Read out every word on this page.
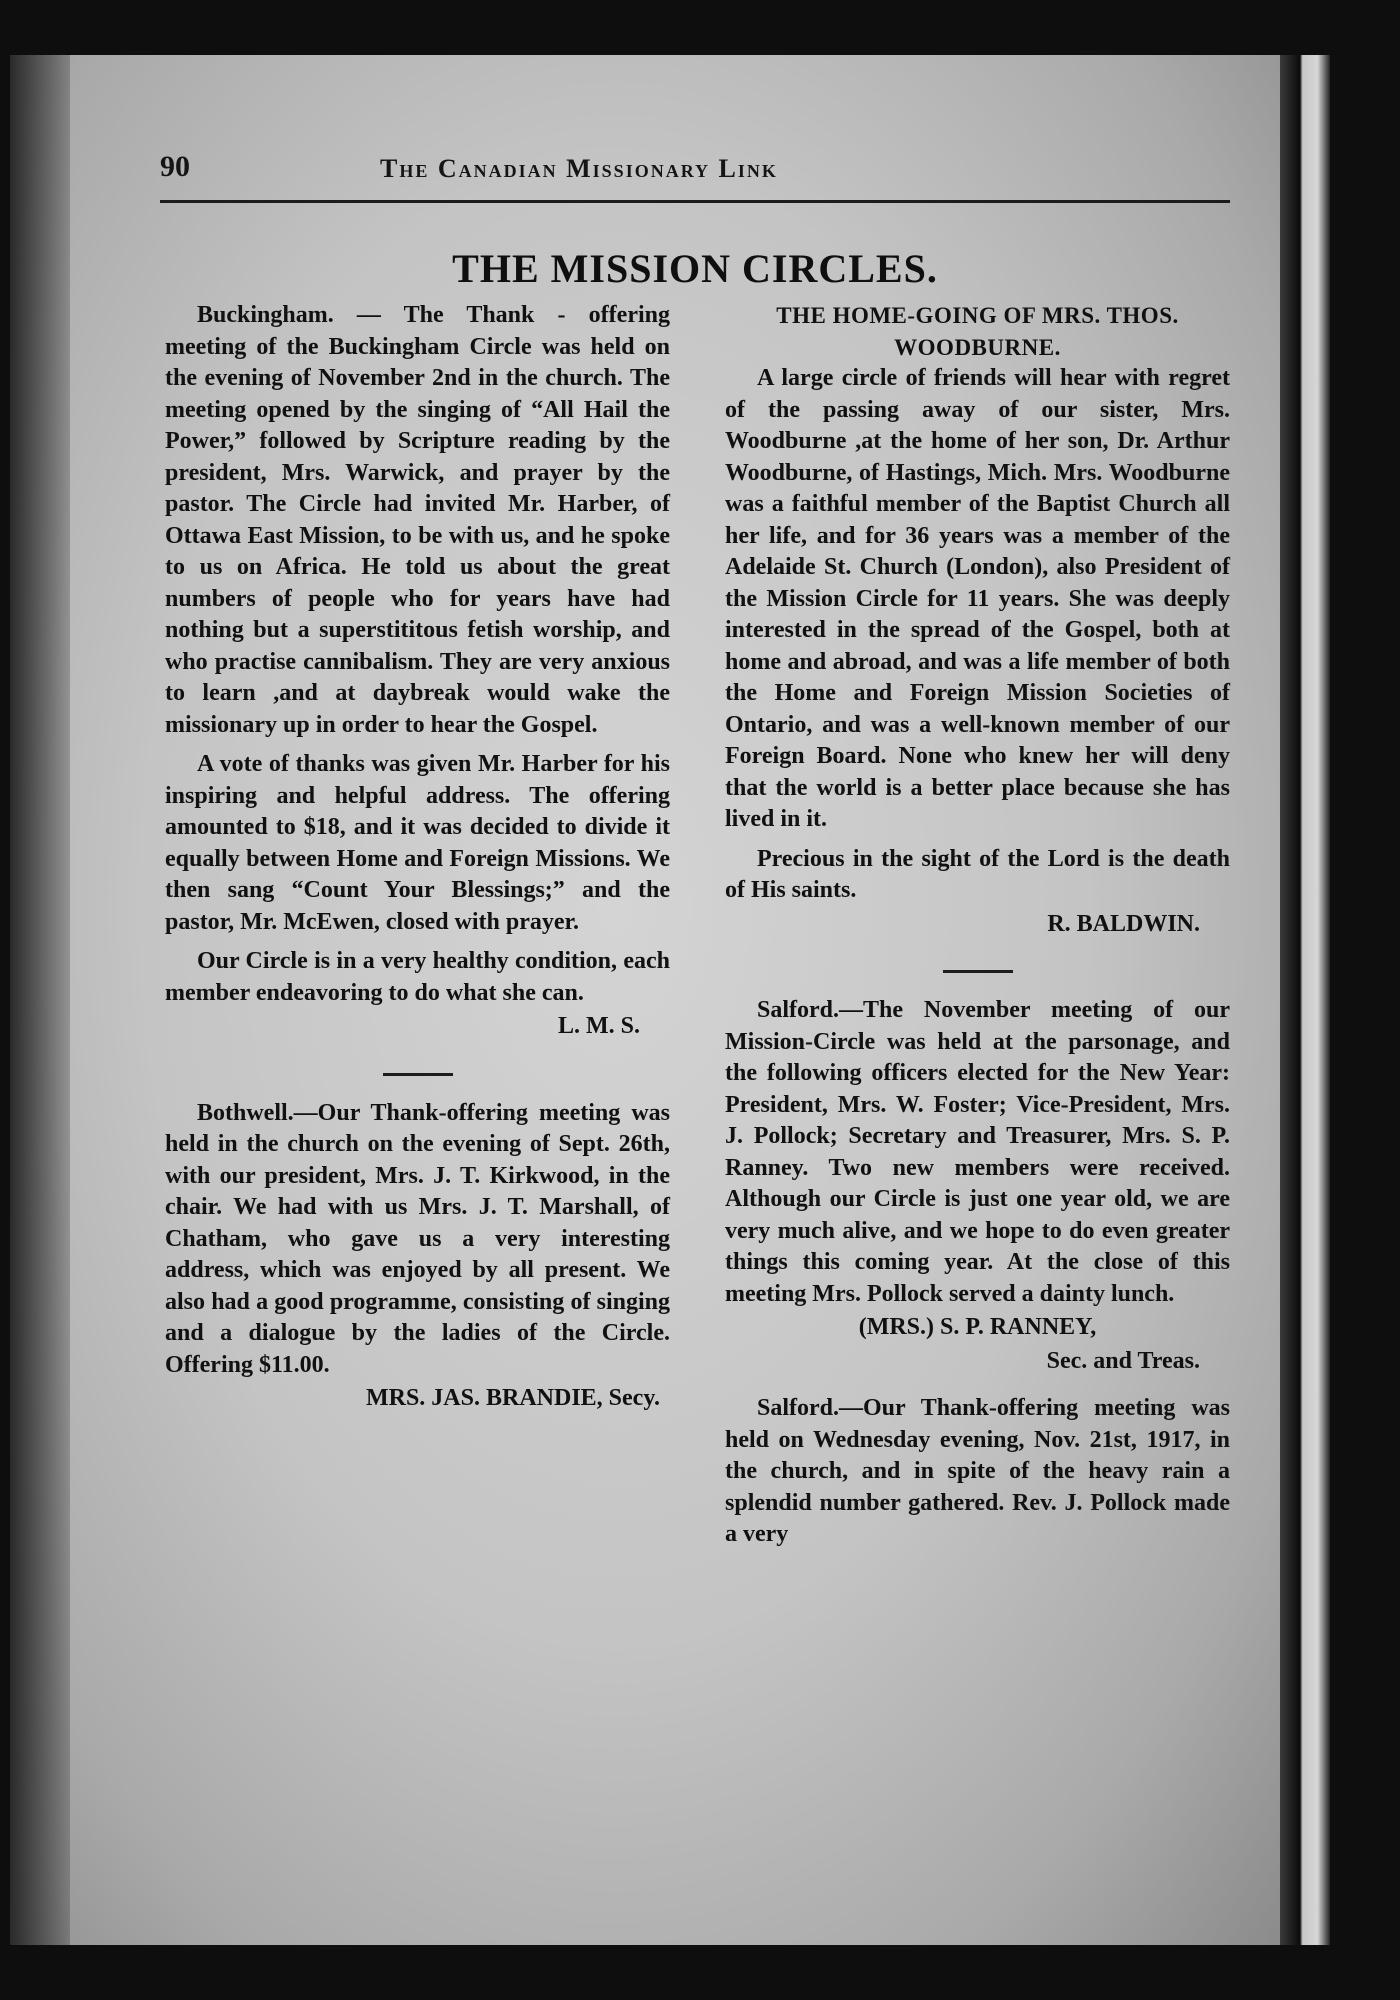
90	The Canadian Missionary Link
THE MISSION CIRCLES.

Buckingham. — The Thank - offering meeting of the Buckingham Circle was held on the evening of November 2nd in the church. The meeting opened by the singing of “All Hail the Power,” followed by Scripture reading by the president, Mrs. Warwick, and prayer by the pastor. The Circle had invited Mr. Harber, of Ottawa East Mission, to be with us, and he spoke to us on Africa. He told us about the great numbers of people who for years have had nothing but a superstititous fetish worship, and who practise cannibalism. They are very anxious to learn ,and at daybreak would wake the missionary up in order to hear the Gospel.

A vote of thanks was given Mr. Harber for his inspiring and helpful address. The offering amounted to $18, and it was decided to divide it equally between Home and Foreign Missions. We then sang “Count Your Blessings;” and the pastor, Mr. McEwen, closed with prayer.

Our Circle is in a very healthy condition, each member endeavoring to do what she can.

L. M. S.

Bothwell.—Our Thank-offering meeting was held in the church on the evening of Sept. 26th, with our president, Mrs. J. T. Kirkwood, in the chair. We had with us Mrs. J. T. Marshall, of Chatham, who gave us a very interesting address, which was enjoyed by all present. We also had a good programme, consisting of singing and a dialogue by the ladies of the Circle. Offering $11.00.

MRS. JAS. BRANDIE, Secy.

THE HOME-GOING OF MRS. THOS. WOODBURNE.

A large circle of friends will hear with regret of the passing away of our sister, Mrs. Woodburne ,at the home of her son, Dr. Arthur Woodburne, of Hastings, Mich. Mrs. Woodburne was a faithful member of the Baptist Church all her life, and for 36 years was a member of the Adelaide St. Church (London), also President of the Mission Circle for 11 years. She was deeply interested in the spread of the Gospel, both at home and abroad, and was a life member of both the Home and Foreign Mission Societies of Ontario, and was a well-known member of our Foreign Board. None who knew her will deny that the world is a better place because she has lived in it.

Precious in the sight of the Lord is the death of His saints.

R. BALDWIN.

Salford.—The November meeting of our Mission-Circle was held at the parsonage, and the following officers elected for the New Year: President, Mrs. W. Foster; Vice-President, Mrs. J. Pollock; Secretary and Treasurer, Mrs. S. P. Ranney. Two new members were received. Although our Circle is just one year old, we are very much alive, and we hope to do even greater things this coming year. At the close of this meeting Mrs. Pollock served a dainty lunch.

(MRS.) S. P. RANNEY,

Sec. and Treas.

Salford.—Our Thank-offering meeting was held on Wednesday evening, Nov. 21st, 1917, in the church, and in spite of the heavy rain a splendid number gathered. Rev. J. Pollock made a very
